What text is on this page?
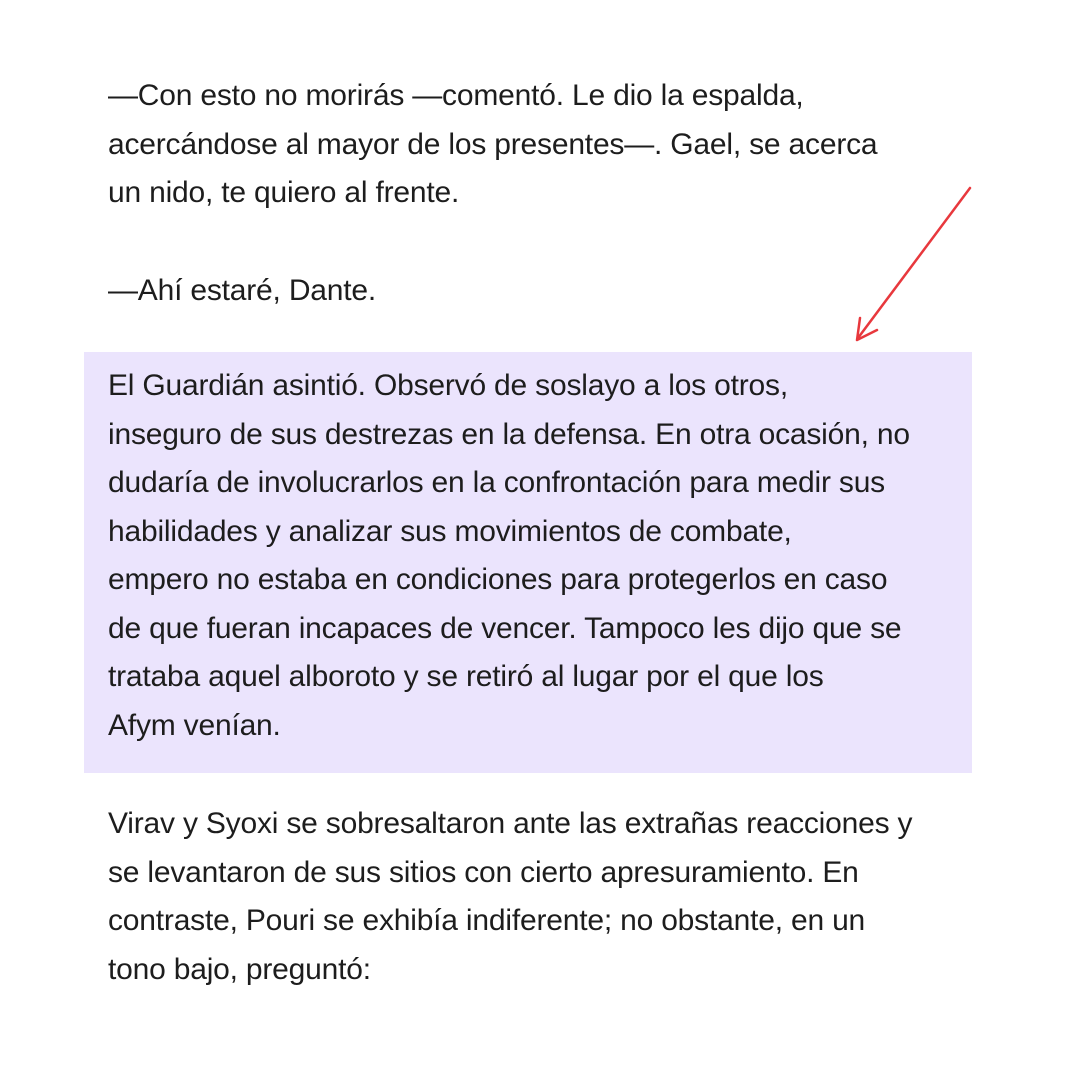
—Con esto no morirás —comentó. Le dio la espalda,
acercándose al mayor de los presentes—. Gael, se acerca
un nido, te quiero al frente.

—Ahí estaré, Dante.

El Guardián asintió. Observó de soslayo a los otros,
inseguro de sus destrezas en la defensa. En otra ocasión, no
dudaría de involucrarlos en la confrontación para medir sus
habilidades y analizar sus movimientos de combate,
empero no estaba en condiciones para protegerlos en caso
de que fueran incapaces de vencer. Tampoco les dijo que se
trataba aquel alboroto y se retiró al lugar por el que los
Afym venían.

Virav y Syoxi se sobresaltaron ante las extrañas reacciones y
se levantaron de sus sitios con cierto apresuramiento. En
contraste, Pouri se exhibía indiferente; no obstante, en un
tono bajo, preguntó:
